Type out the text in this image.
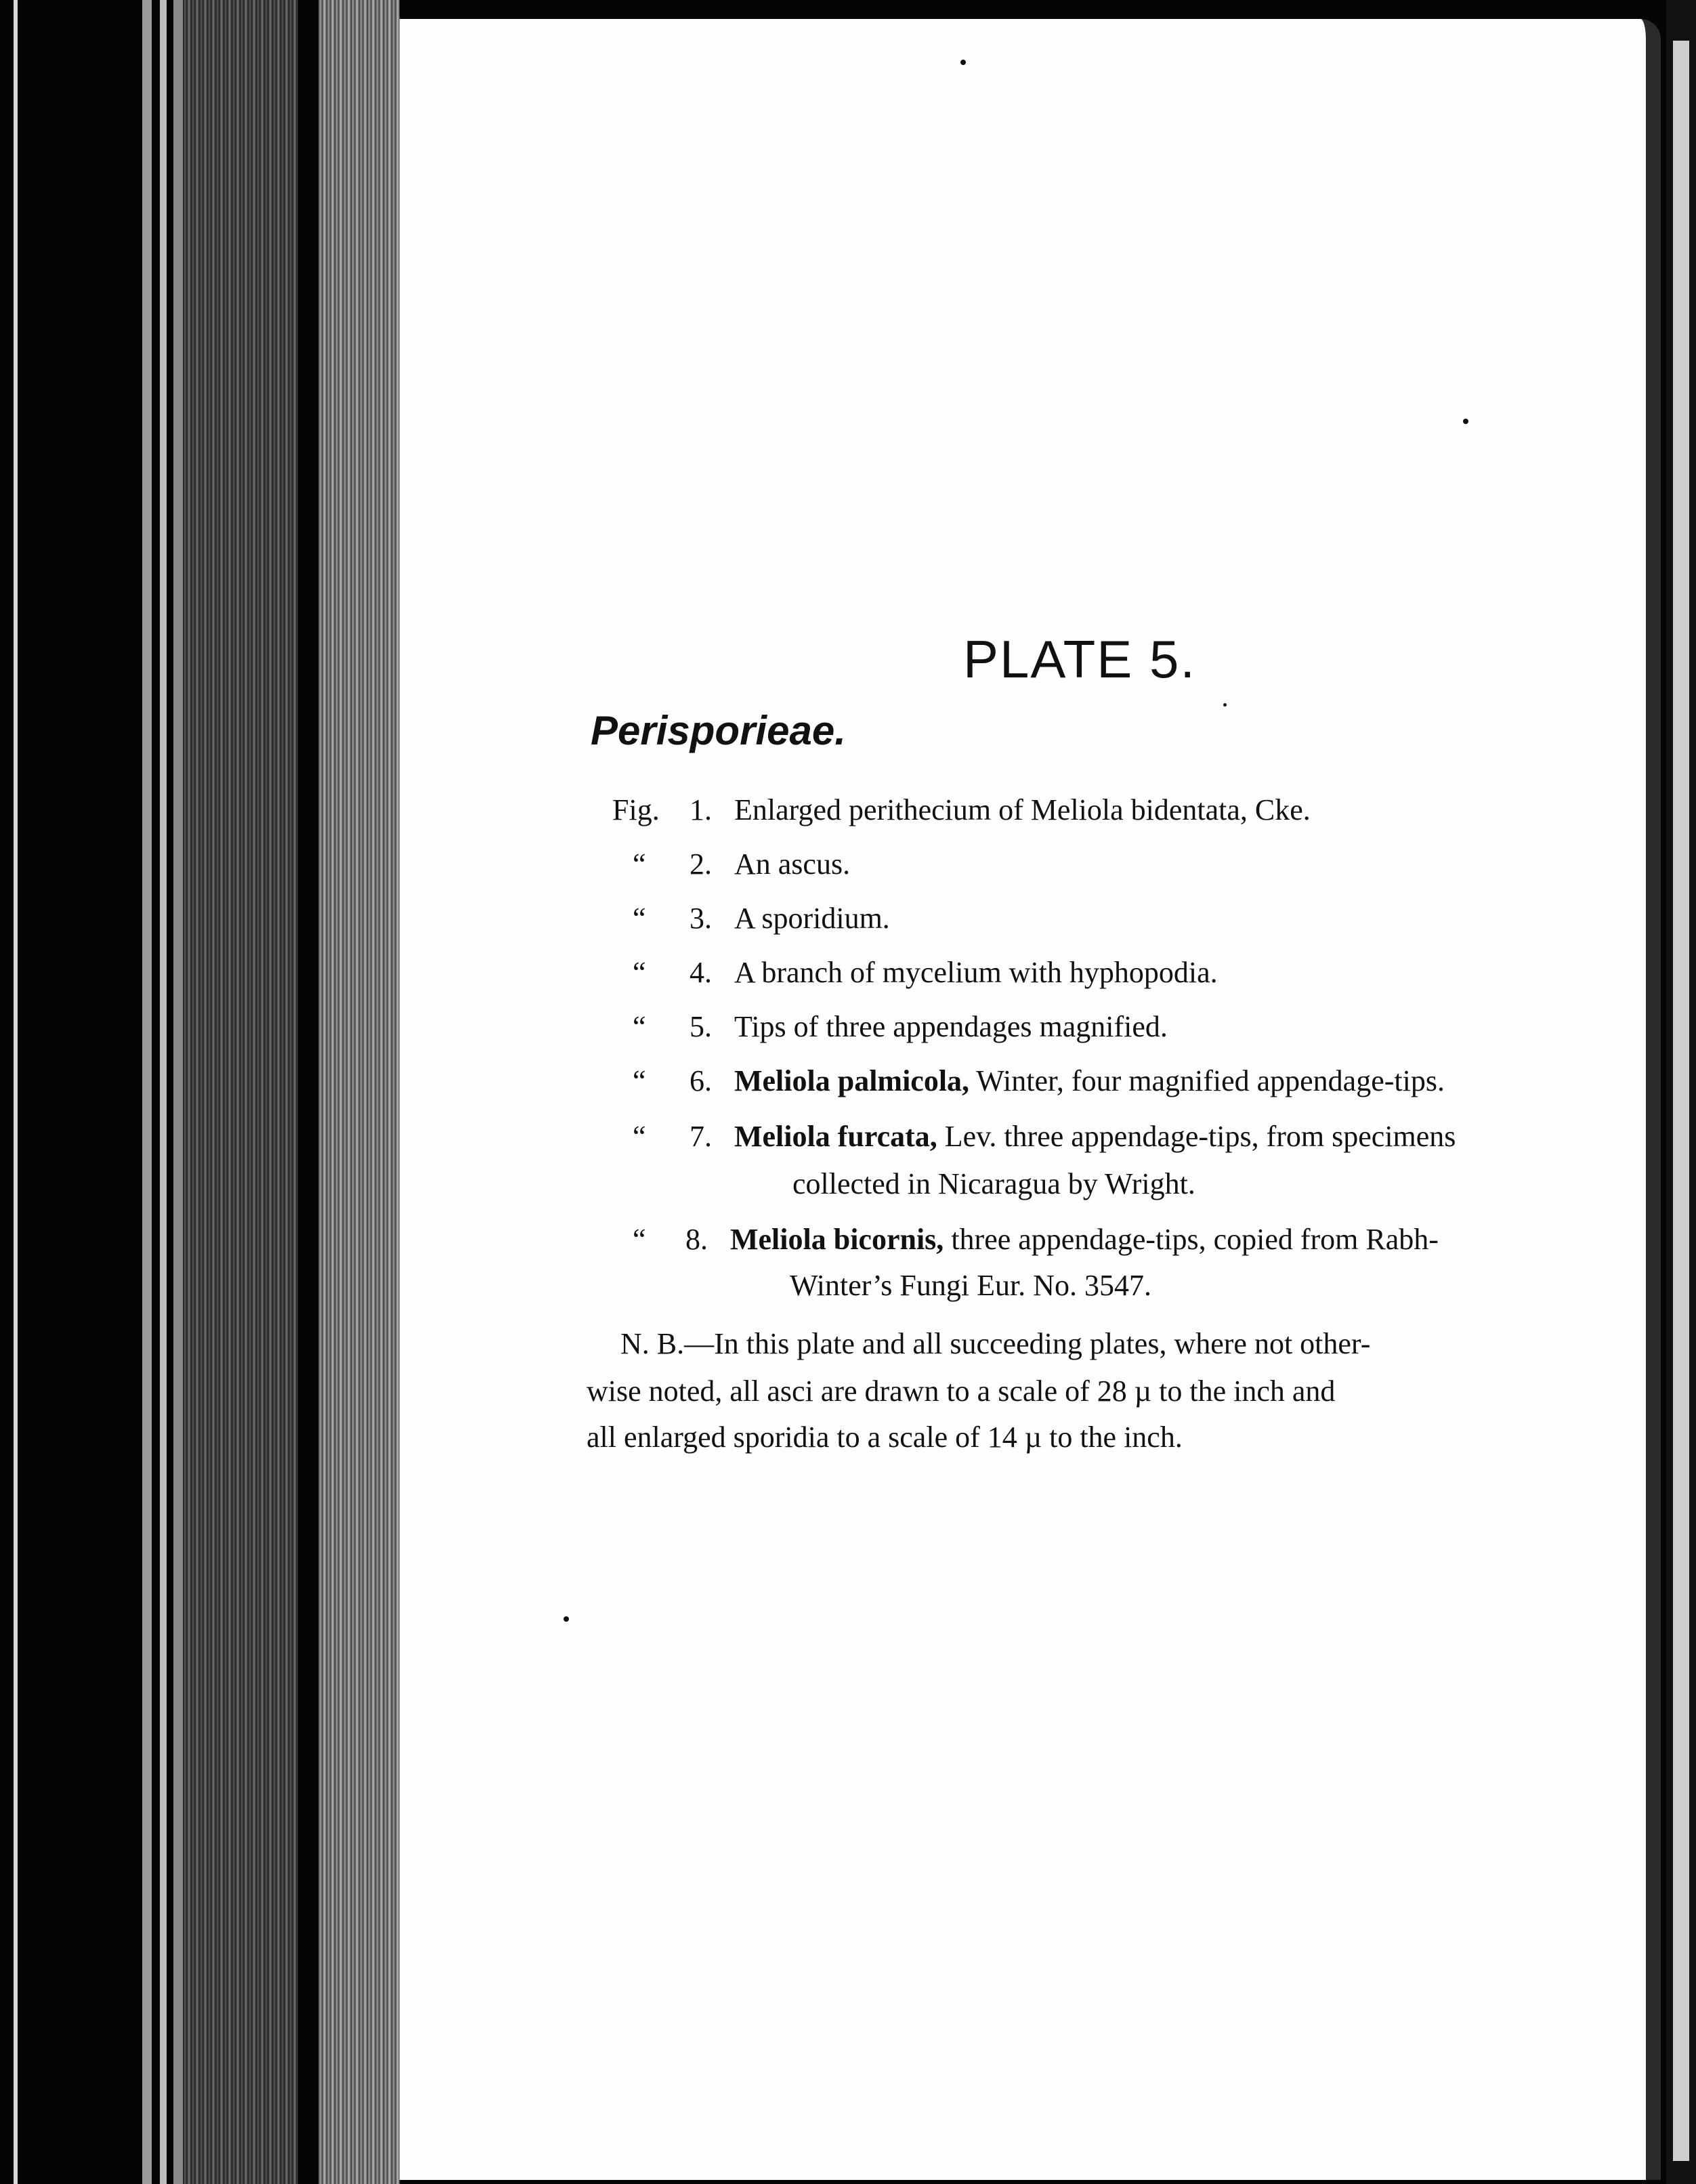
PLATE 5.
Perisporieae.
Fig. 1. Enlarged perithecium of Meliola bidentata, Cke.
“ 2. An ascus.
“ 3. A sporidium.
“ 4. A branch of mycelium with hyphopodia.
“ 5. Tips of three appendages magnified.
“ 6. Meliola palmicola, Winter, four magnified appendage-tips.
“ 7. Meliola furcata, Lev. three appendage-tips, from specimens
collected in Nicaragua by Wright.
“ 8. Meliola bicornis, three appendage-tips, copied from Rabh-
Winter’s Fungi Eur. No. 3547.
N. B.—In this plate and all succeeding plates, where not other-
wise noted, all asci are drawn to a scale of 28 µ to the inch and
all enlarged sporidia to a scale of 14 µ to the inch.
